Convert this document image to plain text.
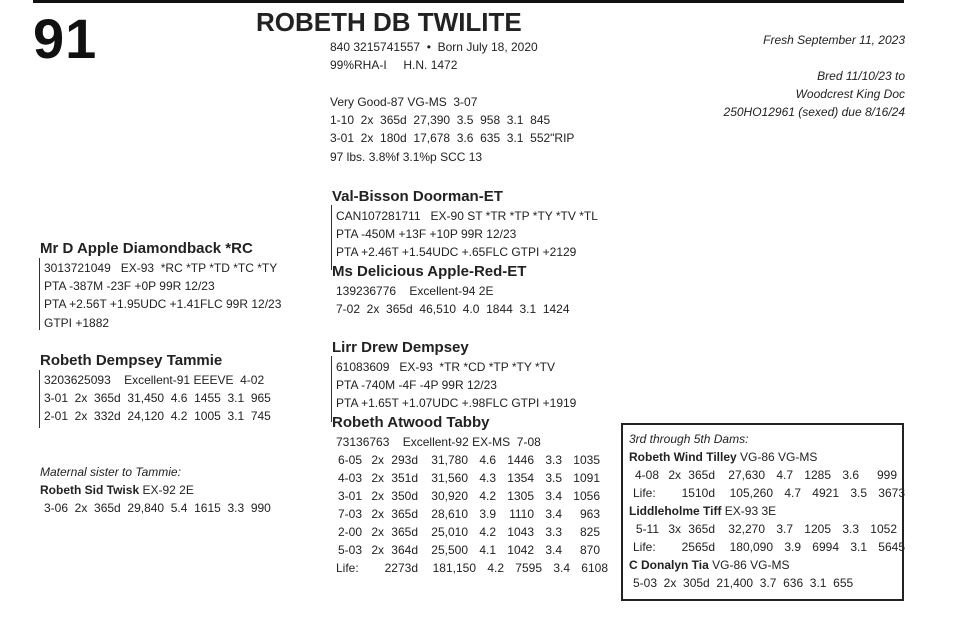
91	ROBETH DB TWILITE
840 3215741557  •  Born July 18, 2020
99%RHA-I     H.N. 1472
Very Good-87 VG-MS  3-07
1-10  2x  365d  27,390  3.5  958  3.1  845
3-01  2x  180d  17,678  3.6  635  3.1  552"RIP
97 lbs. 3.8%f 3.1%p SCC 13
Fresh September 11, 2023
Bred 11/10/23 to
Woodcrest King Doc
250HO12961 (sexed) due 8/16/24
Val-Bisson Doorman-ET
CAN107281711   EX-90 ST *TR *TP *TY *TV *TL
PTA -450M +13F +10P 99R 12/23
PTA +2.46T +1.54UDC +.65FLC GTPI +2129
Ms Delicious Apple-Red-ET
139236776    Excellent-94 2E
7-02  2x  365d  46,510  4.0  1844  3.1  1424
Mr D Apple Diamondback *RC
3013721049   EX-93  *RC *TP *TD *TC *TY
PTA -387M -23F +0P 99R 12/23
PTA +2.56T +1.95UDC +1.41FLC 99R 12/23
GTPI +1882
Robeth Dempsey Tammie
3203625093    Excellent-91 EEEVE  4-02
3-01  2x  365d  31,450  4.6  1455  3.1  965
2-01  2x  332d  24,120  4.2  1005  3.1  745
Lirr Drew Dempsey
61083609   EX-93  *TR *CD *TP *TY *TV
PTA -740M -4F -4P 99R 12/23
PTA +1.65T +1.07UDC +.98FLC GTPI +1919
Robeth Atwood Tabby
73136763    Excellent-92 EX-MS  7-08
6-05 2x 293d	31,780 4.6 1446 3.3 1035
4-03 2x 351d	31,560 4.3 1354 3.5 1091
3-01 2x 350d	30,920 4.2 1305 3.4 1056
7-03 2x 365d	28,610 3.9	1110 3.4	963
2-00 2x 365d	25,010 4.2 1043 3.3	825
5-03 2x 364d	25,500 4.1 1042 3.4	870
Life:	2273d	181,150 4.2 7595 3.4 6108
Maternal sister to Tammie:
Robeth Sid Twisk EX-92 2E
3-06  2x  365d  29,840  5.4  1615  3.3  990
3rd through 5th Dams:
Robeth Wind Tilley VG-86 VG-MS
4-08 2x 365d	27,630 4.7 1285 3.6	999
Life:	1510d	105,260 4.7 4921 3.5 3673
Liddleholme Tiff EX-93 3E
5-11 3x 365d	32,270 3.7 1205 3.3 1052
Life:	2565d	180,090 3.9 6994 3.1 5645
C Donalyn Tia VG-86 VG-MS
5-03  2x  305d  21,400  3.7  636  3.1  655
